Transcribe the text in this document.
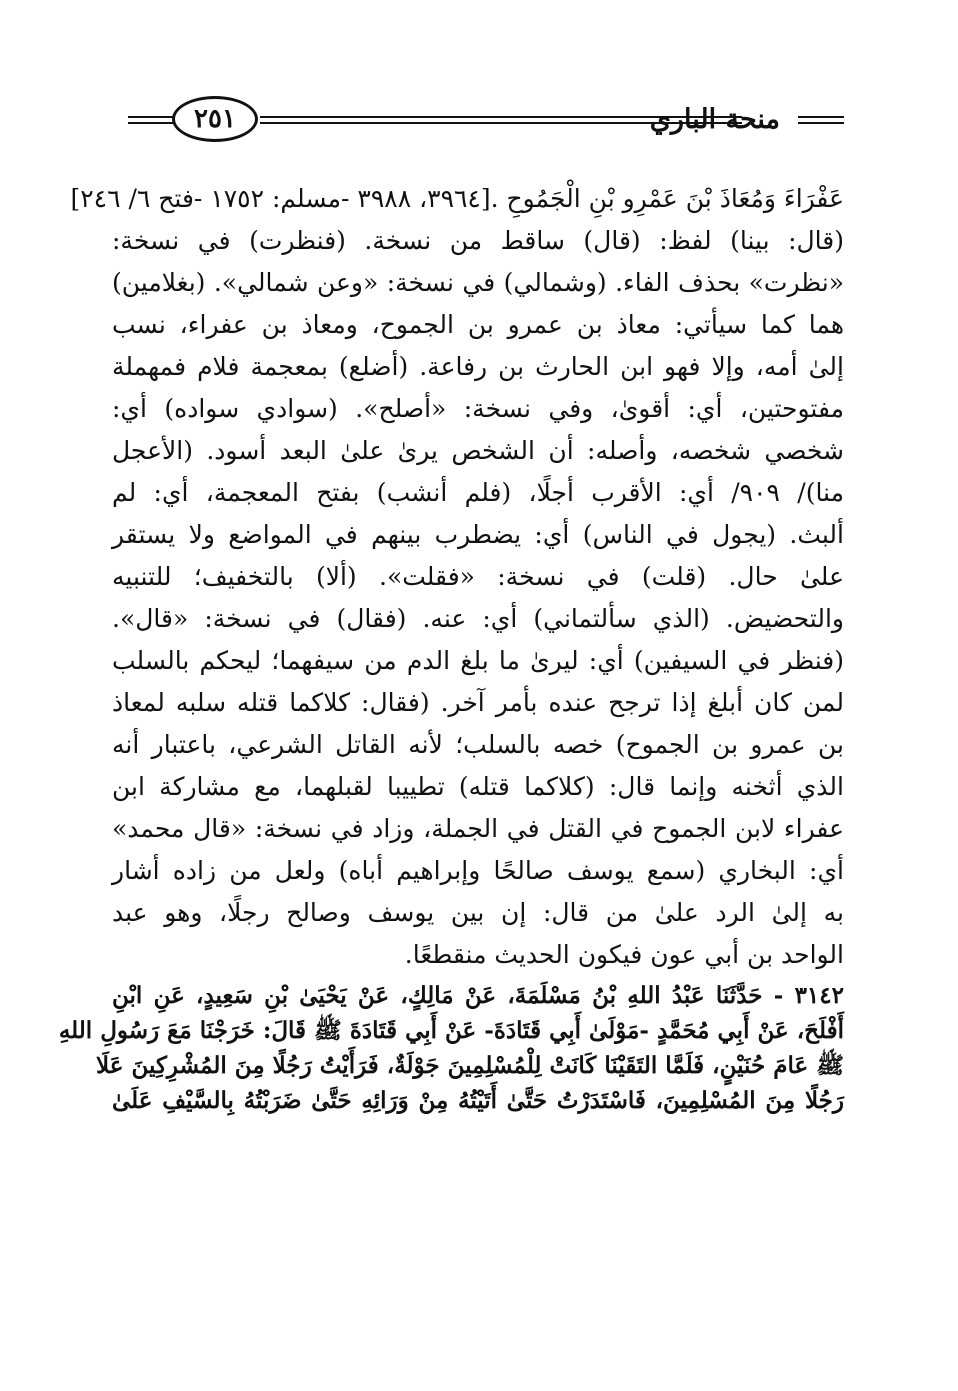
٢٥١	منحة الباري
عَفْرَاءَ وَمُعَاذَ بْنَ عَمْرِو بْنِ الْجَمُوحِ .[٣٩٦٤، ٣٩٨٨ -مسلم: ١٧٥٢ -فتح ٦/ ٢٤٦]
(قال: بينا) لفظ: (قال) ساقط من نسخة. (فنظرت) في نسخة:
«نظرت» بحذف الفاء. (وشمالي) في نسخة: «وعن شمالي». (بغلامين)
هما كما سيأتي: معاذ بن عمرو بن الجموح، ومعاذ بن عفراء، نسب
إلىٰ أمه، وإلا فهو ابن الحارث بن رفاعة. (أضلع) بمعجمة فلام فمهملة
مفتوحتين، أي: أقوىٰ، وفي نسخة: «أصلح». (سوادي سواده) أي:
شخصي شخصه، وأصله: أن الشخص يرىٰ علىٰ البعد أسود. (الأعجل
منا)/ ٩٠٩/ أي: الأقرب أجلًا، (فلم أنشب) بفتح المعجمة، أي: لم
ألبث. (يجول في الناس) أي: يضطرب بينهم في المواضع ولا يستقر
علىٰ حال. (قلت) في نسخة: «فقلت». (ألا) بالتخفيف؛ للتنبيه
والتحضيض. (الذي سألتماني) أي: عنه. (فقال) في نسخة: «قال».
(فنظر في السيفين) أي: ليرىٰ ما بلغ الدم من سيفهما؛ ليحكم بالسلب
لمن كان أبلغ إذا ترجح عنده بأمر آخر. (فقال: كلاكما قتله سلبه لمعاذ
بن عمرو بن الجموح) خصه بالسلب؛ لأنه القاتل الشرعي، باعتبار أنه
الذي أثخنه وإنما قال: (كلاكما قتله) تطييبا لقبلهما، مع مشاركة ابن
عفراء لابن الجموح في القتل في الجملة، وزاد في نسخة: «قال محمد»
أي: البخاري (سمع يوسف صالحًا وإبراهيم أباه) ولعل من زاده أشار
به إلىٰ الرد علىٰ من قال: إن بين يوسف وصالح رجلًا، وهو عبد
الواحد بن أبي عون فيكون الحديث منقطعًا.
٣١٤٢ - حَدَّثَنَا عَبْدُ اللهِ بْنُ مَسْلَمَةَ، عَنْ مَالِكٍ، عَنْ يَحْيَىٰ بْنِ سَعِيدٍ، عَنِ ابْنِ
أَفْلَحَ، عَنْ أَبِي مُحَمَّدٍ -مَوْلَىٰ أَبِي قَتَادَةَ- عَنْ أَبِي قَتَادَةَ ﷺ قَالَ: خَرَجْنَا مَعَ رَسُولِ اللهِ
ﷺ عَامَ حُنَيْنٍ، فَلَمَّا التَقَيْنَا كَانَتْ لِلْمُسْلِمِينَ جَوْلَةٌ، فَرَأَيْتُ رَجُلًا مِنَ المُشْرِكِينَ عَلَا
رَجُلًا مِنَ المُسْلِمِينَ، فَاسْتَدَرْتُ حَتَّىٰ أَتَيْتُهُ مِنْ وَرَائِهِ حَتَّىٰ ضَرَبْتُهُ بِالسَّيْفِ عَلَىٰ
